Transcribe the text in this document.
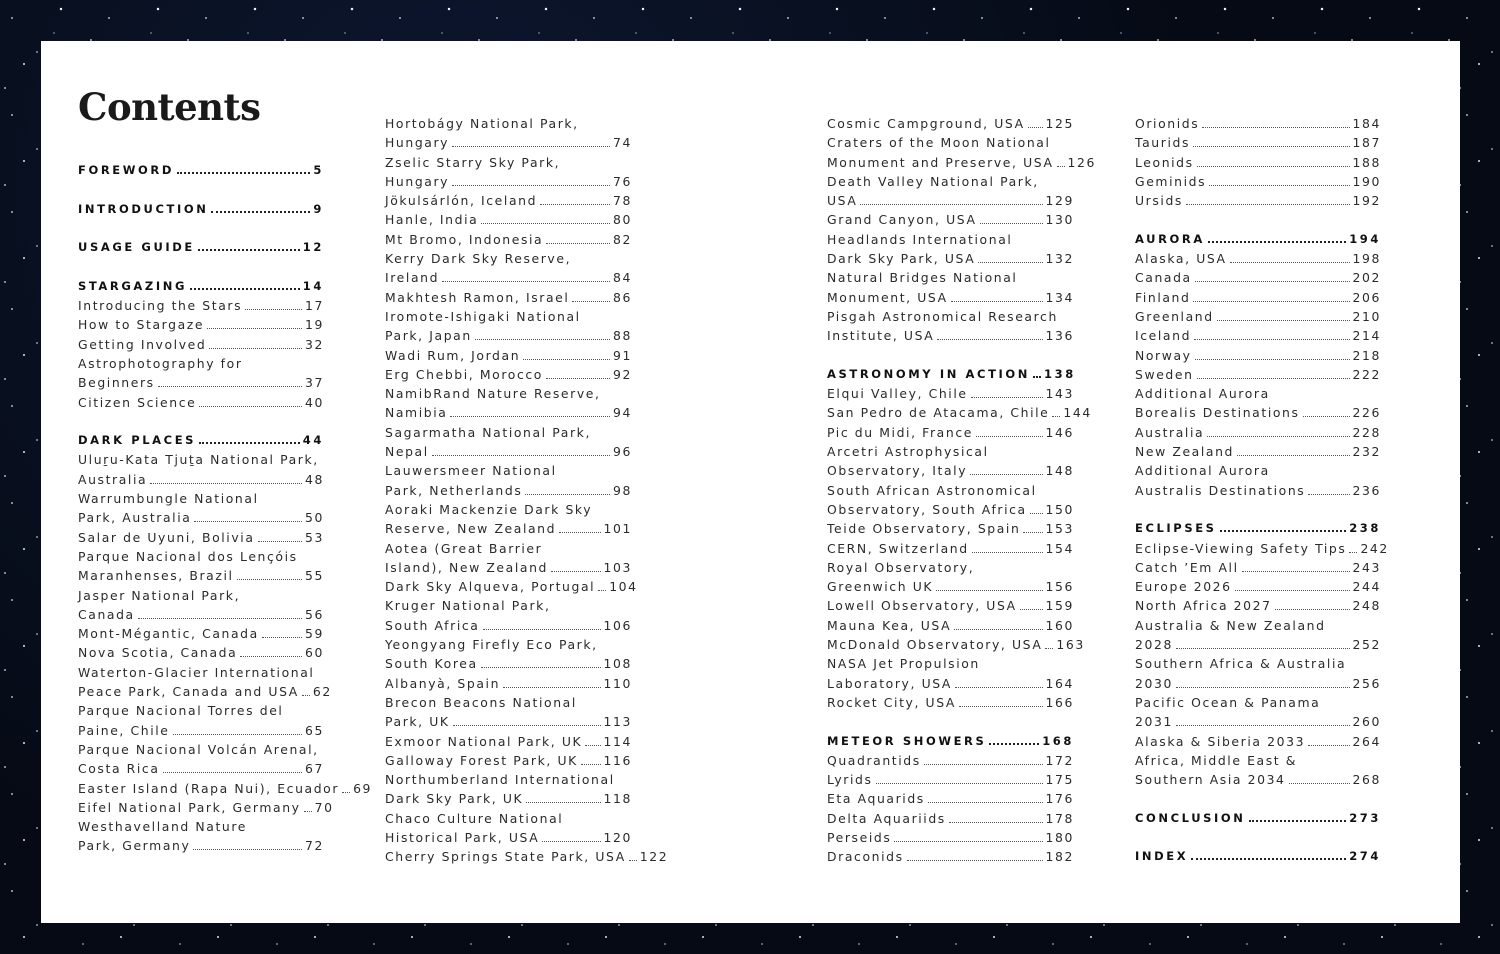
Contents
FOREWORD	5
INTRODUCTION	9
USAGE GUIDE	12
STARGAZING	14
Introducing the Stars	17
How to Stargaze	19
Getting Involved	32
Astrophotography for
Beginners	37
Citizen Science	40
DARK PLACES	44
Uluṟu-Kata Tjuṯa National Park,
Australia	48
Warrumbungle National
Park, Australia	50
Salar de Uyuni, Bolivia	53
Parque Nacional dos Lençóis
Maranhenses, Brazil	55
Jasper National Park,
Canada	56
Mont-Mégantic, Canada	59
Nova Scotia, Canada	60
Waterton-Glacier International
Peace Park, Canada and USA 62
Parque Nacional Torres del
Paine, Chile	65
Parque Nacional Volcán Arenal,
Costa Rica	67
Easter Island (Rapa Nui), Ecuador 69
Eifel National Park, Germany 70
Westhavelland Nature
Park, Germany	72
Hortobágy National Park,
Hungary	74
Zselic Starry Sky Park,
Hungary	76
Jökulsárlón, Iceland	78
Hanle, India	80
Mt Bromo, Indonesia	82
Kerry Dark Sky Reserve,
Ireland	84
Makhtesh Ramon, Israel	86
Iromote-Ishigaki National
Park, Japan	88
Wadi Rum, Jordan	91
Erg Chebbi, Morocco	92
NamibRand Nature Reserve,
Namibia	94
Sagarmatha National Park,
Nepal	96
Lauwersmeer National
Park, Netherlands	98
Aoraki Mackenzie Dark Sky
Reserve, New Zealand	101
Aotea (Great Barrier
Island), New Zealand	103
Dark Sky Alqueva, Portugal 104
Kruger National Park,
South Africa	106
Yeongyang Firefly Eco Park,
South Korea	108
Albanyà, Spain	110
Brecon Beacons National
Park, UK	113
Exmoor National Park, UK 114
Galloway Forest Park, UK 116
Northumberland International
Dark Sky Park, UK	118
Chaco Culture National
Historical Park, USA	120
Cherry Springs State Park, USA 122
Cosmic Campground, USA 125
Craters of the Moon National
Monument and Preserve, USA 126
Death Valley National Park,
USA	129
Grand Canyon, USA	130
Headlands International
Dark Sky Park, USA	132
Natural Bridges National
Monument, USA	134
Pisgah Astronomical Research
Institute, USA	136
ASTRONOMY IN ACTION 138
Elqui Valley, Chile	143
San Pedro de Atacama, Chile 144
Pic du Midi, France	146
Arcetri Astrophysical
Observatory, Italy	148
South African Astronomical
Observatory, South Africa 150
Teide Observatory, Spain 153
CERN, Switzerland	154
Royal Observatory,
Greenwich UK	156
Lowell Observatory, USA 159
Mauna Kea, USA	160
McDonald Observatory, USA 163
NASA Jet Propulsion
Laboratory, USA	164
Rocket City, USA	166
METEOR SHOWERS	168
Quadrantids	172
Lyrids	175
Eta Aquarids	176
Delta Aquariids	178
Perseids	180
Draconids	182
Orionids	184
Taurids	187
Leonids	188
Geminids	190
Ursids	192
AURORA	194
Alaska, USA	198
Canada	202
Finland	206
Greenland	210
Iceland	214
Norway	218
Sweden	222
Additional Aurora
Borealis Destinations	226
Australia	228
New Zealand	232
Additional Aurora
Australis Destinations	236
ECLIPSES	238
Eclipse-Viewing Safety Tips 242
Catch ’Em All	243
Europe 2026	244
North Africa 2027	248
Australia & New Zealand
2028	252
Southern Africa & Australia
2030	256
Pacific Ocean & Panama
2031	260
Alaska & Siberia 2033	264
Africa, Middle East &
Southern Asia 2034	268
CONCLUSION	273
INDEX	274
